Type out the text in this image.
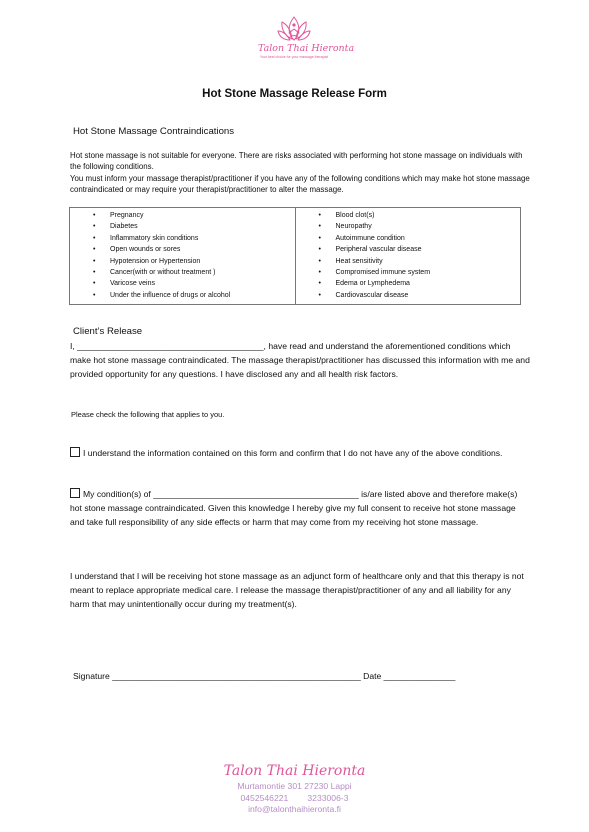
Talon Thai Hieronta
Your best choice for your massage therapist
Hot Stone Massage Release Form
Hot Stone Massage Contraindications

Hot stone massage is not suitable for everyone. There are risks associated with performing hot stone massage on individuals with the following conditions.

You must inform your massage therapist/practitioner if you have any of the following conditions which may make hot stone massage contraindicated or may require your therapist/practitioner to alter the massage.

• Pregnancy
• Diabetes
• Inflammatory skin conditions
• Open wounds or sores
• Hypotension or Hypertension
• Cancer(with or without treatment )
• Varicose veins
• Under the influence of drugs or alcohol
• Blood clot(s)
• Neuropathy
• Autoimmune condition
• Peripheral vascular disease
• Heat sensitivity
• Compromised immune system
• Edema or Lymphedema
• Cardiovascular disease
Client’s Release

I, _______________________________________, have read and understand the aforementioned conditions which make hot stone massage contraindicated. The massage therapist/practitioner has discussed this information with me and provided opportunity for any questions. I have disclosed any and all health risk factors.

Please check the following that applies to you.

I understand the information contained on this form and confirm that I do not have any of the above conditions.

My condition(s) of ___________________________________________ is/are listed above and therefore make(s) hot stone massage contraindicated. Given this knowledge I hereby give my full consent to receive hot stone massage and take full responsibility of any side effects or harm that may come from my receiving hot stone massage.

I understand that I will be receiving hot stone massage as an adjunct form of healthcare only and that this therapy is not meant to replace appropriate medical care. I release the massage therapist/practitioner of any and all liability for any harm that may unintentionally occur during my treatment(s).

Signature ____________________________________________________ Date _______________
Talon Thai Hieronta
Murtamontie 301 27230 Lappi
0452546221        3233006-3
info@talonthaihieronta.fi
